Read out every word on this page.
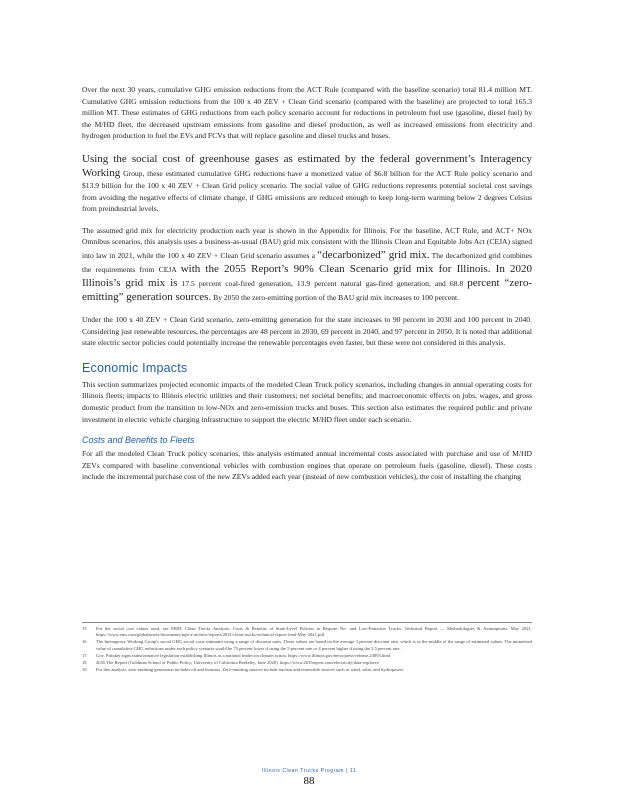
Over the next 30 years, cumulative GHG emission reductions from the ACT Rule (compared with the baseline scenario) total 81.4 million MT. Cumulative GHG emission reductions from the 100 x 40 ZEV + Clean Grid scenario (compared with the baseline) are projected to total 165.3 million MT. These estimates of GHG reductions from each policy scenario account for reductions in petroleum fuel use (gasoline, diesel fuel) by the M/HD fleet, the decreased upstream emissions from gasoline and diesel production, as well as increased emissions from electricity and hydrogen production to fuel the EVs and FCVs that will replace gasoline and diesel trucks and buses.

Using the social cost of greenhouse gases as estimated by the federal government’s Interagency Working Group, these estimated cumulative GHG reductions have a monetized value of $6.8 billion for the ACT Rule policy scenario and $13.9 billion for the 100 x 40 ZEV + Clean Grid policy scenario. The social value of GHG reductions represents potential societal cost savings from avoiding the negative effects of climate change, if GHG emissions are reduced enough to keep long-term warming below 2 degrees Celsius from preindustrial levels.

The assumed grid mix for electricity production each year is shown in the Appendix for Illinois. For the baseline, ACT Rule, and ACT+ NOx Omnibus scenarios, this analysis uses a business-as-usual (BAU) grid mix consistent with the Illinois Clean and Equitable Jobs Act (CEJA) signed into law in 2021, while the 100 x 40 ZEV + Clean Grid scenario assumes a “decarbonized” grid mix. The decarbonized grid combines the requirements from CEJA with the 2055 Report’s 90% Clean Scenario grid mix for Illinois. In 2020 Illinois’s grid mix is 17.5 percent coal-fired generation, 13.9 percent natural gas-fired generation, and 68.8 percent “zero-emitting” generation sources. By 2050 the zero-emitting portion of the BAU grid mix increases to 100 percent.

Under the 100 x 40 ZEV + Clean Grid scenario, zero-emitting generation for the state increases to 90 percent in 2030 and 100 percent in 2040. Considering just renewable resources, the percentages are 48 percent in 2030, 69 percent in 2040, and 97 percent in 2050. It is noted that additional state electric sector policies could potentially increase the renewable percentages even faster, but these were not considered in this analysis.

Economic Impacts

This section summarizes projected economic impacts of the modeled Clean Truck policy scenarios, including changes in annual operating costs for Illinois fleets; impacts to Illinois electric utilities and their customers; net societal benefits; and macroeconomic effects on jobs, wages, and gross domestic product from the transition to low-NOx and zero-emission trucks and buses. This section also estimates the required public and private investment in electric vehicle charging infrastructure to support the electric M/HD fleet under each scenario.

Costs and Benefits to Fleets

For all the modeled Clean Truck policy scenarios, this analysis estimated annual incremental costs associated with purchase and use of M/HD ZEVs compared with baseline conventional vehicles with combustion engines that operate on petroleum fuels (gasoline, diesel). These costs include the incremental purchase cost of the new ZEVs added each year (instead of new combustion vehicles), the cost of installing the charging

15	For the social cost values used, see ERM, Clean Trucks Analysis: Costs & Benefits of State-Level Policies to Require No- and Low-Emission Trucks, Technical Report — Methodologies & Assumptions, May 2021. https://www.erm.com/globalassets/documents/mjb-a-archive/reports/2021/clean-trucks-technical-report-final-May-2021.pdf
16	The Interagency Working Group's social GHG social costs estimates using a range of discount rates. These values are based on the average 3 percent discount rate, which is in the middle of the range of estimated values. The monetized value of cumulative GHG reductions under each policy scenario would be 73 percent lower if using the 5 percent rate or 4 percent higher if using the 2.5 percent rate.
17	Gov. Pritzker signs transformative legislation establishing Illinois as a national leader on climate action. https://www.illinois.gov/news/press-release.23893.html
18	2035 The Report (Goldman School of Public Policy, University of California Berkeley, June 2020). https://www.2035report.com/electricity/data-explorer/
19	For this analysis, zero-emitting generation includes oil and biomass. Zero-emitting sources include nuclear and renewable sources such as wind, solar, and hydropower.
Illinois Clean Trucks Program | 11
88
